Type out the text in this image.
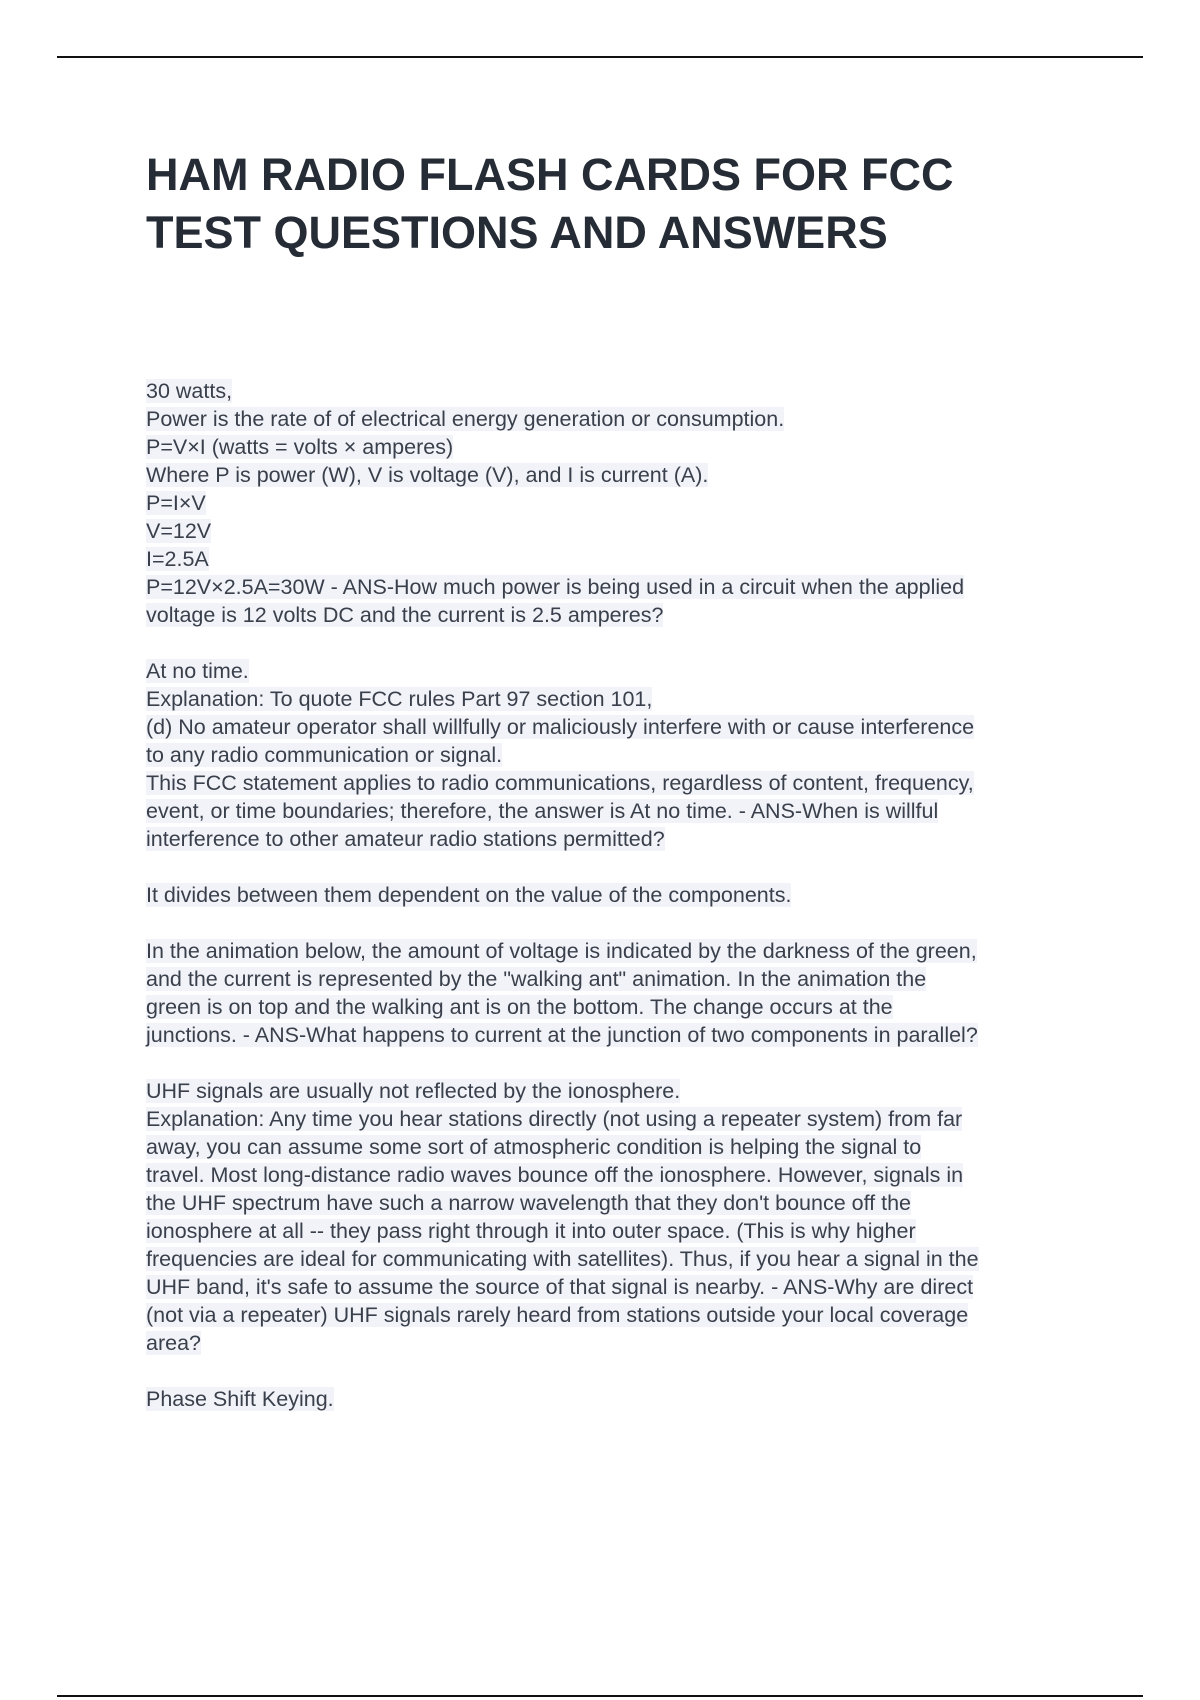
HAM RADIO FLASH CARDS FOR FCC
TEST QUESTIONS AND ANSWERS
30 watts,
Power is the rate of of electrical energy generation or consumption.
P=V×I (watts = volts × amperes)
Where P is power (W), V is voltage (V), and I is current (A).
P=I×V
V=12V
I=2.5A
P=12V×2.5A=30W - ANS-How much power is being used in a circuit when the applied
voltage is 12 volts DC and the current is 2.5 amperes?
At no time.
Explanation: To quote FCC rules Part 97 section 101,
(d) No amateur operator shall willfully or maliciously interfere with or cause interference
to any radio communication or signal.
This FCC statement applies to radio communications, regardless of content, frequency,
event, or time boundaries; therefore, the answer is At no time. - ANS-When is willful
interference to other amateur radio stations permitted?
It divides between them dependent on the value of the components.
In the animation below, the amount of voltage is indicated by the darkness of the green,
and the current is represented by the "walking ant" animation. In the animation the
green is on top and the walking ant is on the bottom. The change occurs at the
junctions. - ANS-What happens to current at the junction of two components in parallel?
UHF signals are usually not reflected by the ionosphere.
Explanation: Any time you hear stations directly (not using a repeater system) from far
away, you can assume some sort of atmospheric condition is helping the signal to
travel. Most long-distance radio waves bounce off the ionosphere. However, signals in
the UHF spectrum have such a narrow wavelength that they don't bounce off the
ionosphere at all -- they pass right through it into outer space. (This is why higher
frequencies are ideal for communicating with satellites). Thus, if you hear a signal in the
UHF band, it's safe to assume the source of that signal is nearby. - ANS-Why are direct
(not via a repeater) UHF signals rarely heard from stations outside your local coverage
area?
Phase Shift Keying.
